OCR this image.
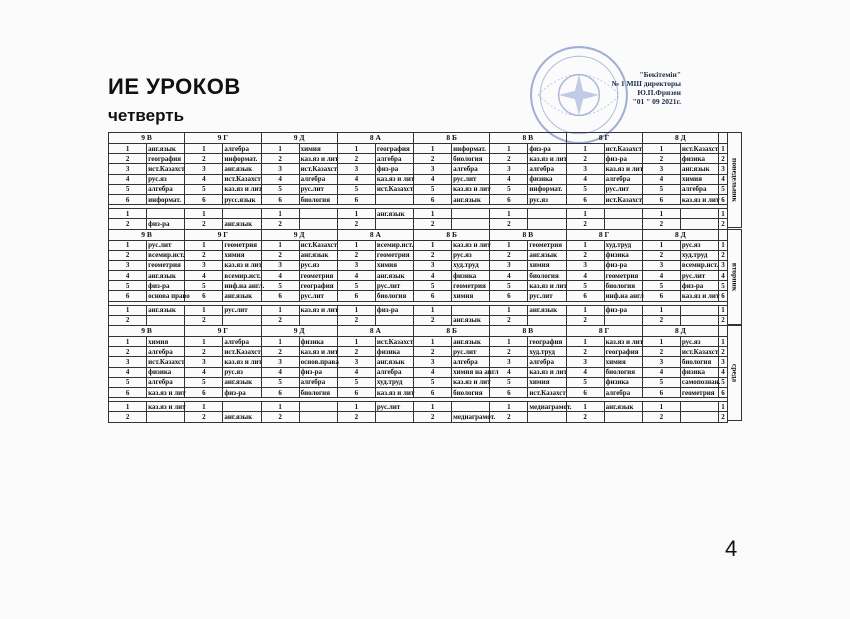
ИЕ УРОКОВ
четверть
"Бекітемін"
№ 1 МШ директоры
Ю.П.Фризен
"01 " 09 2021г.
9 В		9 Г		9 Д		8 А		8 Б		8 В		8 Г		8 Д		
1	анг.язык	1	алгебра	1	химия	1	география	1	информат.	1	физ-ра	1	ист.Казахст	1	ист.Казахст	1
2	география	2	информат.	2	каз.яз и лит	2	алгебра	2	биология	2	каз.яз и лит	2	физ-ра	2	физика	2
3	ист.Казахст	3	анг.язык	3	ист.Казахст	3	физ-ра	3	алгебра	3	алгебра	3	каз.яз и лит	3	анг.язык	3
4	рус.яз	4	ист.Казахст	4	алгебра	4	каз.яз и лит	4	рус.лит	4	физика	4	алгебра	4	химия	4
5	алгебра	5	каз.яз и лит	5	рус.лит	5	ист.Казахст	5	каз.яз и лит	5	информат.	5	рус.лит	5	алгебра	5
6	информат.	6	русс.язык	6	биология	6		6	анг.язык	6	рус.яз	6	ист.Казахст	6	каз.яз и лит	6

1		1		1		1	анг.язык	1		1		1		1		1
2	физ-ра	2	анг.язык	2		2		2		2		2		2		2
9 В		9 Г		9 Д		8 А		8 Б		8 В		8 Г		8 Д		
1	рус.лит	1	геометрия	1	ист.Казахст	1	всемир.ист.	1	каз.яз и лит	1	геометрия	1	худ.труд	1	рус.яз	1
2	всемир.ист.	2	химия	2	анг.язык	2	геометрия	2	рус.яз	2	анг.язык	2	физика	2	худ.труд	2
3	геометрия	3	каз.яз и лит	3	рус.яз	3	химия	3	худ.труд	3	химия	3	физ-ра	3	всемир.ист.	3
4	анг.язык	4	всемир.ист.	4	геометрия	4	анг.язык	4	физика	4	биология	4	геометрия	4	рус.лит	4
5	физ-ра	5	инф.на англ.	5	география	5	рус.лит	5	геометрия	5	каз.яз и лит	5	биология	5	физ-ра	5
6	основа право	6	анг.язык	6	рус.лит	6	биология	6	химия	6	рус.лит	6	инф.на англ	6	каз.яз и лит	6

1	анг.язык	1	рус.лит	1	каз.яз и лит	1	физ-ра	1		1	анг.язык	1	физ-ра	1		1
2		2		2		2		2	анг.язык	2		2		2		2
9 В		9 Г		9 Д		8 А		8 Б		8 В		8 Г		8 Д		
1	химия	1	алгебра	1	физика	1	ист.Казахст	1	анг.язык	1	география	1	каз.яз и лит	1	рус.яз	1
2	алгебра	2	ист.Казахст	2	каз.яз и лит	2	физика	2	рус.лит	2	худ.труд	2	география	2	ист.Казахст	2
3	ист.Казахст	3	каз.яз и лит	3	основ.права	3	анг.язык	3	алгебра	3	алгебра	3	химия	3	биология	3
4	физика	4	рус.яз	4	физ-ра	4	алгебра	4	химия на англ	4	каз.яз и лит	4	биология	4	физика	4
5	алгебра	5	анг.язык	5	алгебра	5	худ.труд	5	каз.яз и лит	5	химия	5	физика	5	самопознан.	5
6	каз.яз и лит	6	физ-ра	6	биология	6	каз.яз и лит	6	биология	6	ист.Казахст	6	алгебра	6	геометрия	6

1	каз.яз и лит	1		1		1	рус.лит	1		1	медиаграмот.	1	анг.язык	1		1
2		2	анг.язык	2		2		2	медиаграмот.	2		2		2		2
понедельник
вторник
среда
4
